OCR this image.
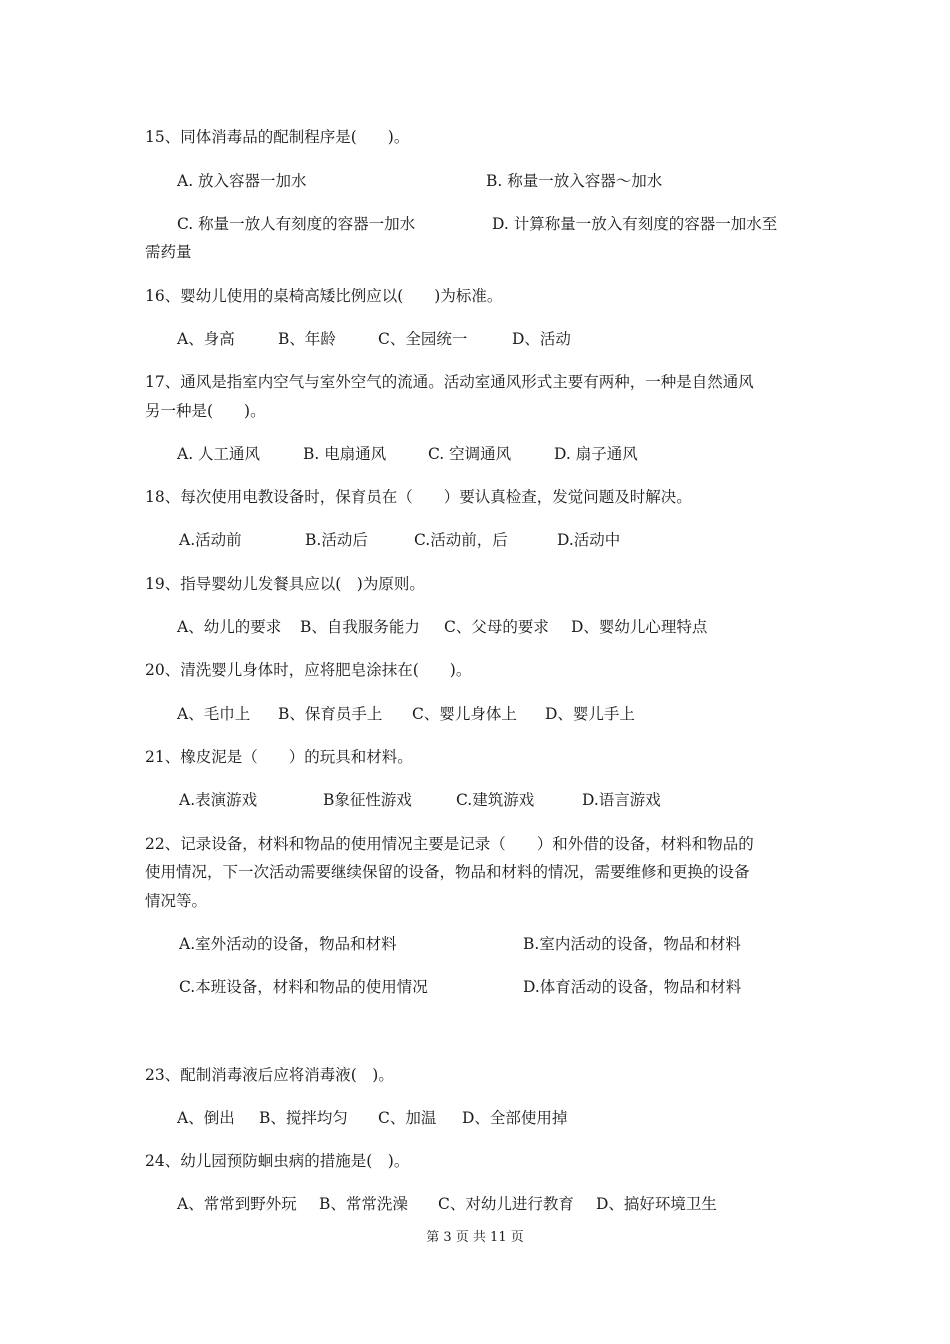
15、同体消毒品的配制程序是(　　)。

A. 放入容器一加水	B. 称量一放入容器～加水
C. 称量一放人有刻度的容器一加水	D. 计算称量一放入有刻度的容器一加水至

需药量

16、婴幼儿使用的桌椅高矮比例应以(　　)为标准。

A、身高	B、年龄	C、全园统一	D、活动

17、通风是指室内空气与室外空气的流通。活动室通风形式主要有两种，一种是自然通风

另一种是(　　)。

A. 人工通风	B. 电扇通风	C. 空调通风	D. 扇子通风

18、每次使用电教设备时，保育员在（　　）要认真检查，发觉问题及时解决。

A.活动前	B.活动后	C.活动前，后	D.活动中

19、指导婴幼儿发餐具应以(　)为原则。

A、幼儿的要求 B、自我服务能力 C、父母的要求 D、婴幼儿心理特点

20、清洗婴儿身体时，应将肥皂涂抹在(　　)。

A、毛巾上 B、保育员手上 C、婴儿身体上 D、婴儿手上

21、橡皮泥是（　　）的玩具和材料。

A.表演游戏	B象征性游戏	C.建筑游戏	D.语言游戏

22、记录设备，材料和物品的使用情况主要是记录（　　）和外借的设备，材料和物品的

使用情况，下一次活动需要继续保留的设备，物品和材料的情况，需要维修和更换的设备

情况等。

A.室外活动的设备，物品和材料	B.室内活动的设备，物品和材料
C.本班设备，材料和物品的使用情况	D.体育活动的设备，物品和材料

23、配制消毒液后应将消毒液(　)。

A、倒出 B、搅拌均匀 C、加温 D、全部使用掉

24、幼儿园预防蛔虫病的措施是(　)。

A、常常到野外玩 B、常常洗澡 C、对幼儿进行教育 D、搞好环境卫生
第 3 页 共 11 页
